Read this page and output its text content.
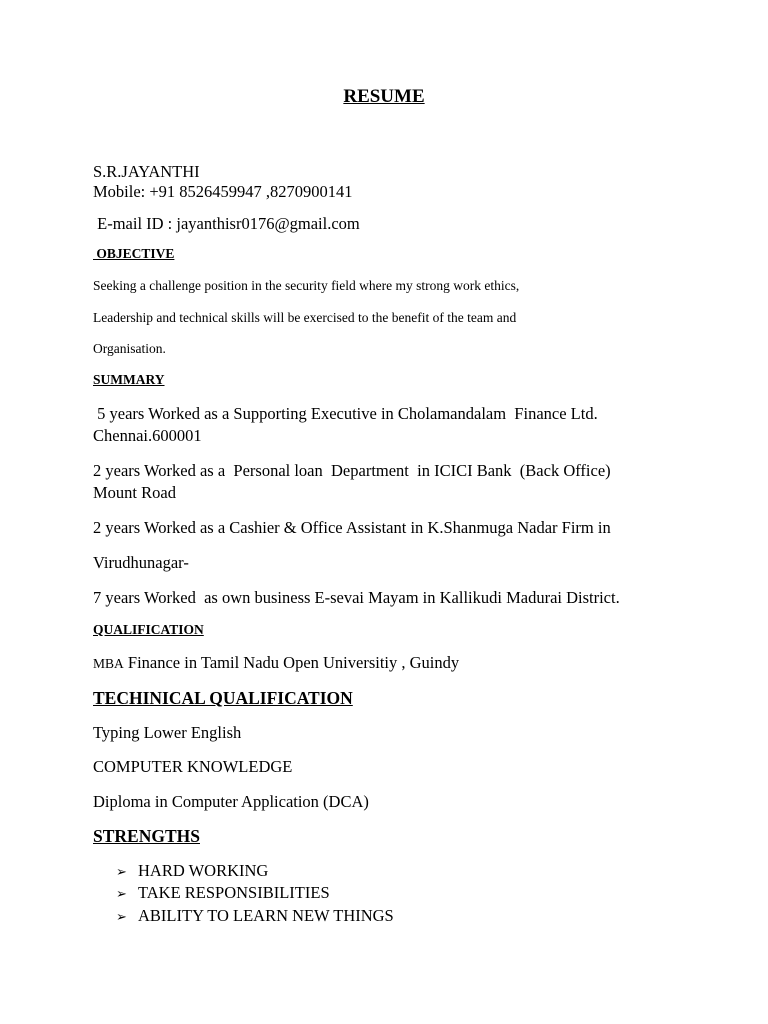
RESUME
S.R.JAYANTHI
Mobile: +91 8526459947 ,8270900141
E-mail ID : jayanthisr0176@gmail.com
OBJECTIVE
Seeking a challenge position in the security field where my strong work ethics,
Leadership and technical skills will be exercised to the benefit of the team and
Organisation.
SUMMARY
5 years Worked as a Supporting Executive in Cholamandalam  Finance Ltd.
Chennai.600001
2 years Worked as a  Personal loan  Department  in ICICI Bank  (Back Office)
Mount Road
2 years Worked as a Cashier & Office Assistant in K.Shanmuga Nadar Firm in
Virudhunagar-
7 years Worked  as own business E-sevai Mayam in Kallikudi Madurai District.
QUALIFICATION
MBA Finance in Tamil Nadu Open Universitiy , Guindy
TECHINICAL QUALIFICATION
Typing Lower English
COMPUTER KNOWLEDGE
Diploma in Computer Application (DCA)
STRENGTHS
➢ HARD WORKING
➢ TAKE RESPONSIBILITIES
➢ ABILITY TO LEARN NEW THINGS
